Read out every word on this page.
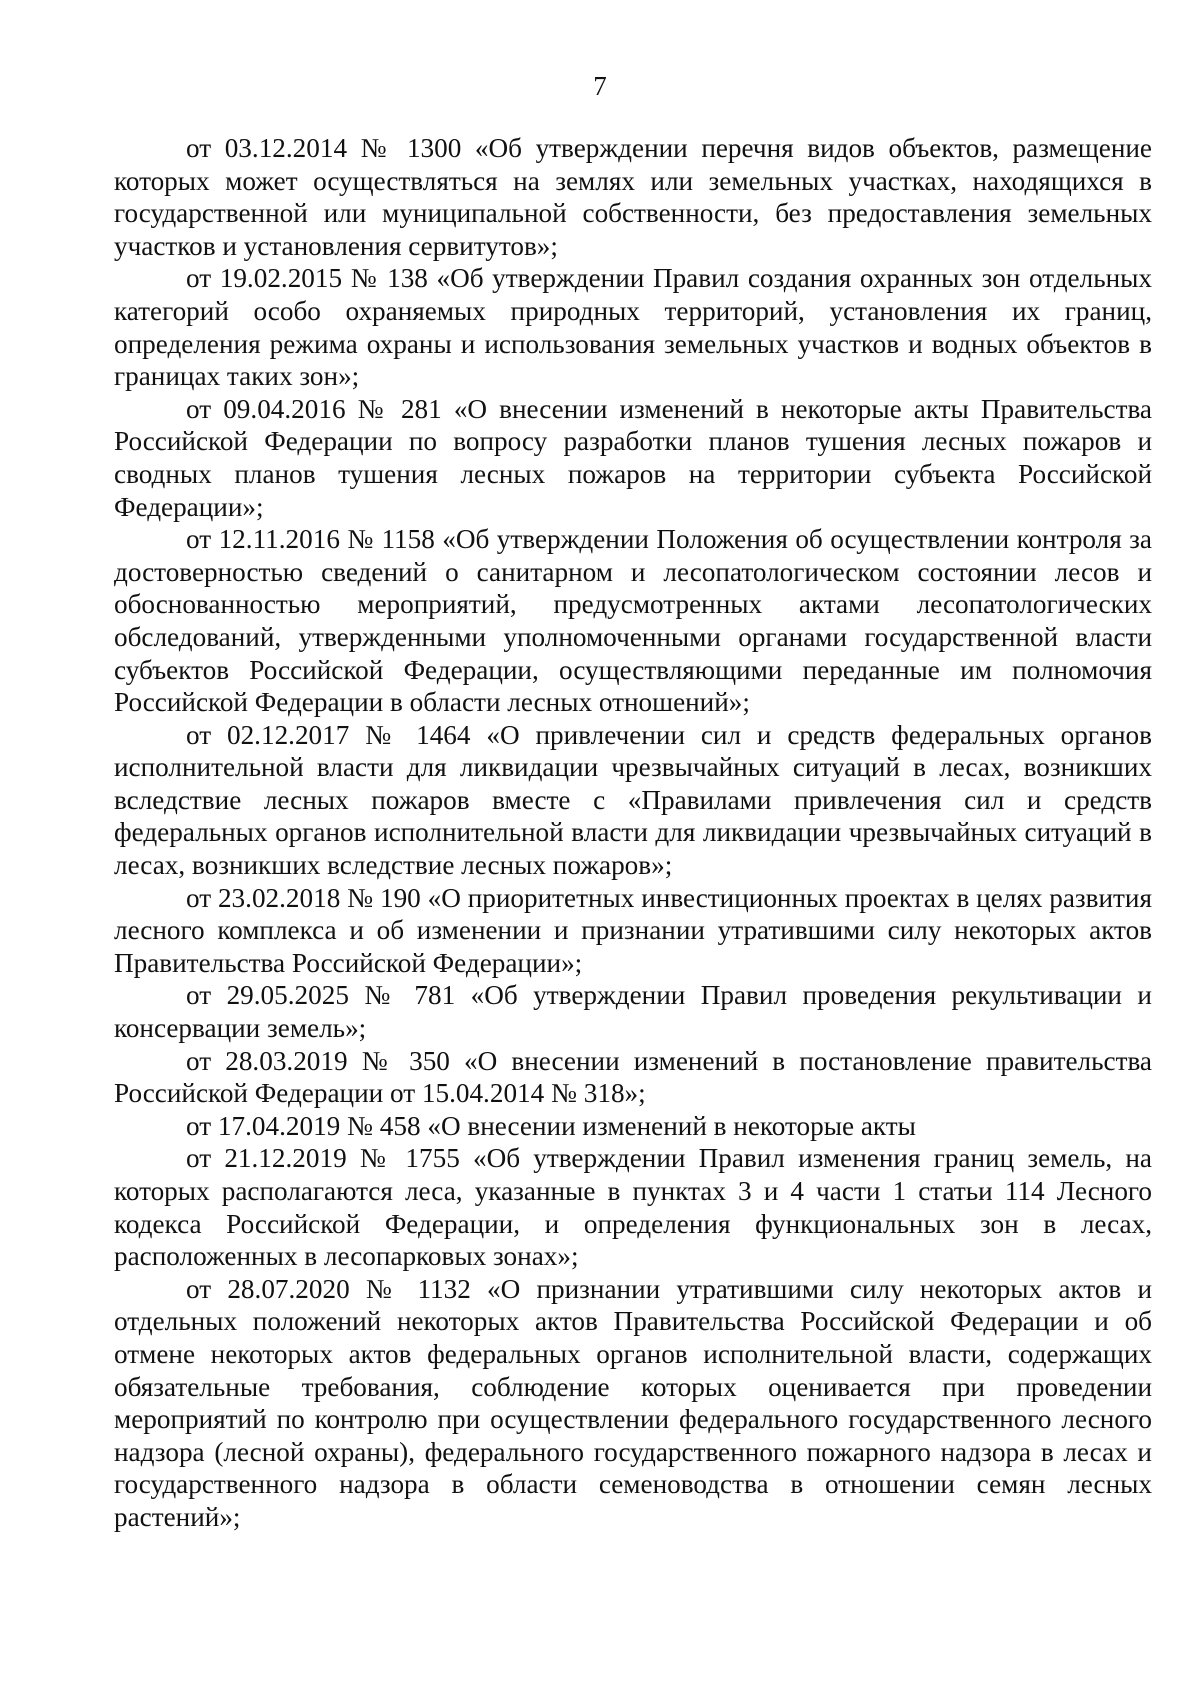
7

от 03.12.2014 № 1300 «Об утверждении перечня видов объектов, размещение которых может осуществляться на землях или земельных участках, находящихся в государственной или муниципальной собственности, без предоставления земельных участков и установления сервитутов»;

от 19.02.2015 № 138 «Об утверждении Правил создания охранных зон отдельных категорий особо охраняемых природных территорий, установления их границ, определения режима охраны и использования земельных участков и водных объектов в границах таких зон»;

от 09.04.2016 № 281 «О внесении изменений в некоторые акты Правительства Российской Федерации по вопросу разработки планов тушения лесных пожаров и сводных планов тушения лесных пожаров на территории субъекта Российской Федерации»;

от 12.11.2016 № 1158 «Об утверждении Положения об осуществлении контроля за достоверностью сведений о санитарном и лесопатологическом состоянии лесов и обоснованностью мероприятий, предусмотренных актами лесопатологических обследований, утвержденными уполномоченными органами государственной власти субъектов Российской Федерации, осуществляющими переданные им полномочия Российской Федерации в области лесных отношений»;

от 02.12.2017 № 1464 «О привлечении сил и средств федеральных органов исполнительной власти для ликвидации чрезвычайных ситуаций в лесах, возникших вследствие лесных пожаров вместе с «Правилами привлечения сил и средств федеральных органов исполнительной власти для ликвидации чрезвычайных ситуаций в лесах, возникших вследствие лесных пожаров»;

от 23.02.2018 № 190 «О приоритетных инвестиционных проектах в целях развития лесного комплекса и об изменении и признании утратившими силу некоторых актов Правительства Российской Федерации»;

от 29.05.2025 № 781 «Об утверждении Правил проведения рекультивации и консервации земель»;

от 28.03.2019 № 350 «О внесении изменений в постановление правительства Российской Федерации от 15.04.2014 № 318»;

от 17.04.2019 № 458 «О внесении изменений в некоторые акты

от 21.12.2019 № 1755 «Об утверждении Правил изменения границ земель, на которых располагаются леса, указанные в пунктах 3 и 4 части 1 статьи 114 Лесного кодекса Российской Федерации, и определения функциональных зон в лесах, расположенных в лесопарковых зонах»;

от 28.07.2020 № 1132 «О признании утратившими силу некоторых актов и отдельных положений некоторых актов Правительства Российской Федерации и об отмене некоторых актов федеральных органов исполнительной власти, содержащих обязательные требования, соблюдение которых оценивается при проведении мероприятий по контролю при осуществлении федерального государственного лесного надзора (лесной охраны), федерального государственного пожарного надзора в лесах и государственного надзора в области семеноводства в отношении семян лесных растений»;
